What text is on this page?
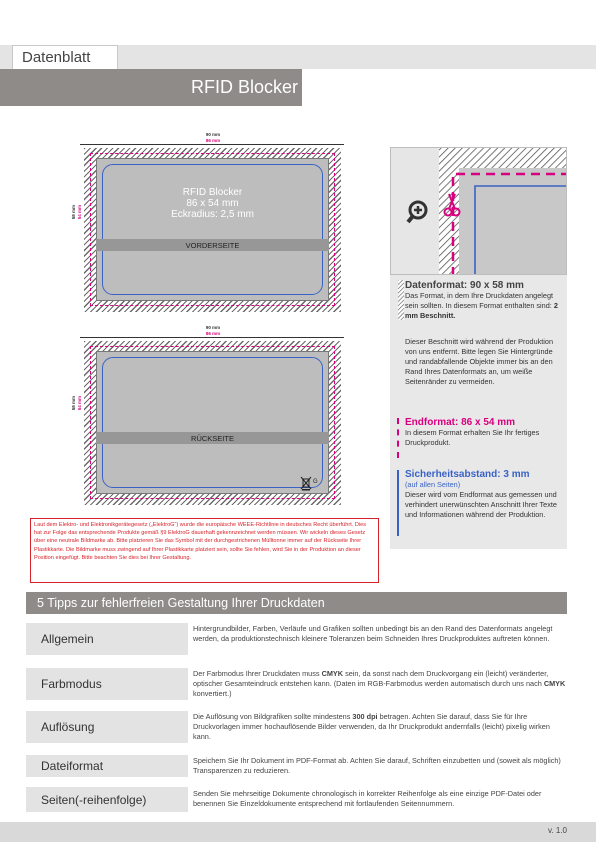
Datenblatt
RFID Blocker
90 mm
86 mm
58 mm 54 mm
RFID Blocker
86 x 54 mm
Eckradius: 2,5 mm
VORDERSEITE
90 mm
86 mm
58 mm 54 mm
RÜCKSEITE
G
Laut dem Elektro- und Elektronikgerätegesetz („ElektroG“) wurde die europäische WEEE-Richtlinie in deutsches Recht überführt. Dies hat zur Folge das entsprechende Produkte gemäß §9 ElektroG dauerhaft gekennzeichnet werden müssen. Wir wickeln dieses Gesetz über eine neutrale Bildmarke ab. Bitte platzieren Sie das Symbol mit der durchgestrichenen Mülltonne immer auf der Rückseite Ihrer Plastikkarte. Die Bildmarke muss zwingend auf Ihrer Plastikkarte platziert sein, sollte Sie fehlen, wird Sie in der Produktion an dieser Position eingefügt. Bitte beachten Sie dies bei Ihrer Gestaltung.
Datenformat: 90 x 58 mm
Das Format, in dem Ihre Druckdaten angelegt sein sollten. In diesem Format enthalten sind: 2 mm Beschnitt.
Dieser Beschnitt wird während der Produktion von uns entfernt. Bitte legen Sie Hintergründe und randabfallende Objekte immer bis an den Rand Ihres Datenformats an, um weiße Seitenränder zu vermeiden.
Endformat: 86 x 54 mm
In diesem Format erhalten Sie Ihr fertiges Druckprodukt.
Sicherheitsabstand: 3 mm
(auf allen Seiten)
Dieser wird vom Endformat aus gemessen und verhindert unerwünschten Anschnitt Ihrer Texte und Informationen während der Produktion.
5 Tipps zur fehlerfreien Gestaltung Ihrer Druckdaten
Allgemein
Hintergrundbilder, Farben, Verläufe und Grafiken sollten unbedingt bis an den Rand des Datenformats angelegt werden, da produktionstechnisch kleinere Toleranzen beim Schneiden Ihres Druckproduktes auftreten können.
Farbmodus
Der Farbmodus Ihrer Druckdaten muss CMYK sein, da sonst nach dem Druckvorgang ein (leicht) veränderter, optischer Gesamteindruck entstehen kann. (Daten im RGB-Farbmodus werden automatisch durch uns nach CMYK konvertiert.)
Auflösung
Die Auflösung von Bildgrafiken sollte mindestens 300 dpi betragen. Achten Sie darauf, dass Sie für Ihre Druckvorlagen immer hochauflösende Bilder verwenden, da Ihr Druckprodukt andernfalls (leicht) pixelig wirken kann.
Dateiformat	Speichern Sie Ihr Dokument im PDF-Format ab. Achten Sie darauf, Schriften einzubetten und (soweit als möglich) Transparenzen zu reduzieren.
Seiten(-reihenfolge)	Senden Sie mehrseitige Dokumente chronologisch in korrekter Reihenfolge als eine einzige PDF-Datei oder benennen Sie Einzeldokumente entsprechend mit fortlaufenden Seitennummern.
v. 1.0
